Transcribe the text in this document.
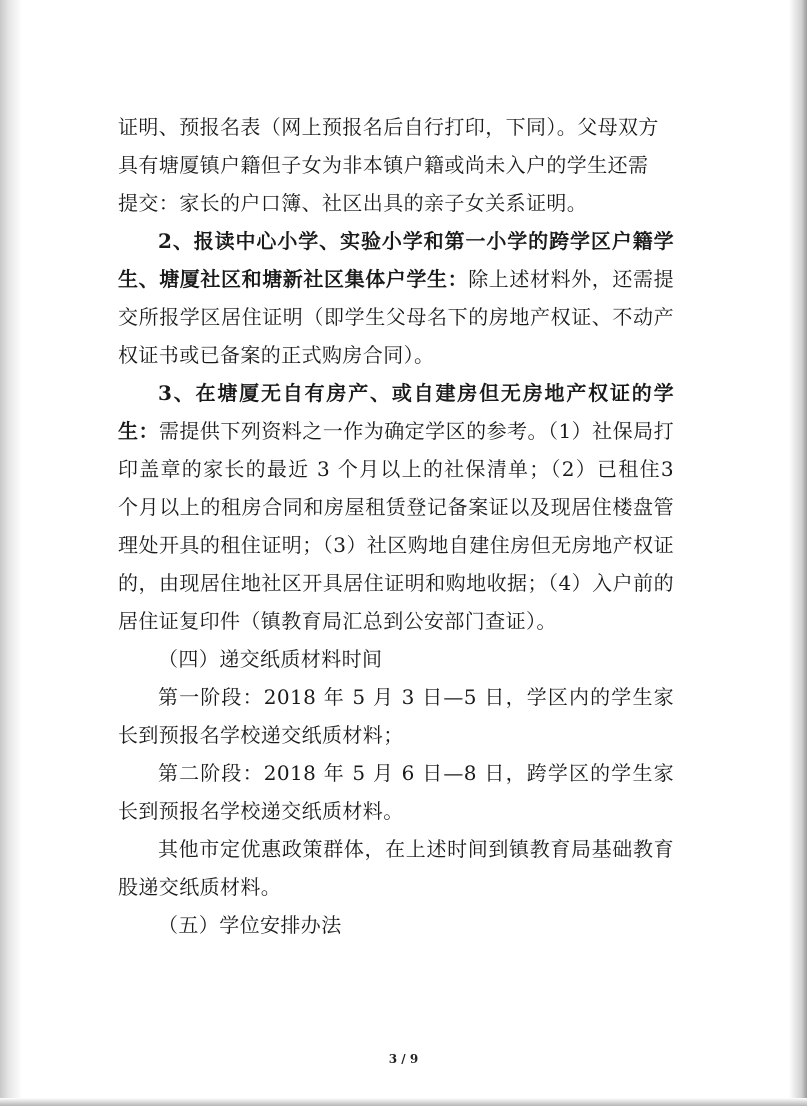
证明、预报名表（网上预报名后自行打印，下同）。父母双方
具有塘厦镇户籍但子女为非本镇户籍或尚未入户的学生还需
提交：家长的户口簿、社区出具的亲子女关系证明。

2、报读中心小学、实验小学和第一小学的跨学区户籍学生、塘厦社区和塘新社区集体户学生：除上述材料外，还需提交所报学区居住证明（即学生父母名下的房地产权证、不动产权证书或已备案的正式购房合同）。

3、在塘厦无自有房产、或自建房但无房地产权证的学生：需提供下列资料之一作为确定学区的参考。（1）社保局打印盖章的家长的最近 3 个月以上的社保清单；（2）已租住3 个月以上的租房合同和房屋租赁登记备案证以及现居住楼盘管理处开具的租住证明；（3）社区购地自建住房但无房地产权证的，由现居住地社区开具居住证明和购地收据；（4）入户前的居住证复印件（镇教育局汇总到公安部门查证）。

（四）递交纸质材料时间

第一阶段：2018 年 5 月 3 日—5 日，学区内的学生家长到预报名学校递交纸质材料；

第二阶段：2018 年 5 月 6 日—8 日，跨学区的学生家长到预报名学校递交纸质材料。

其他市定优惠政策群体，在上述时间到镇教育局基础教育股递交纸质材料。

（五）学位安排办法

3 / 9
